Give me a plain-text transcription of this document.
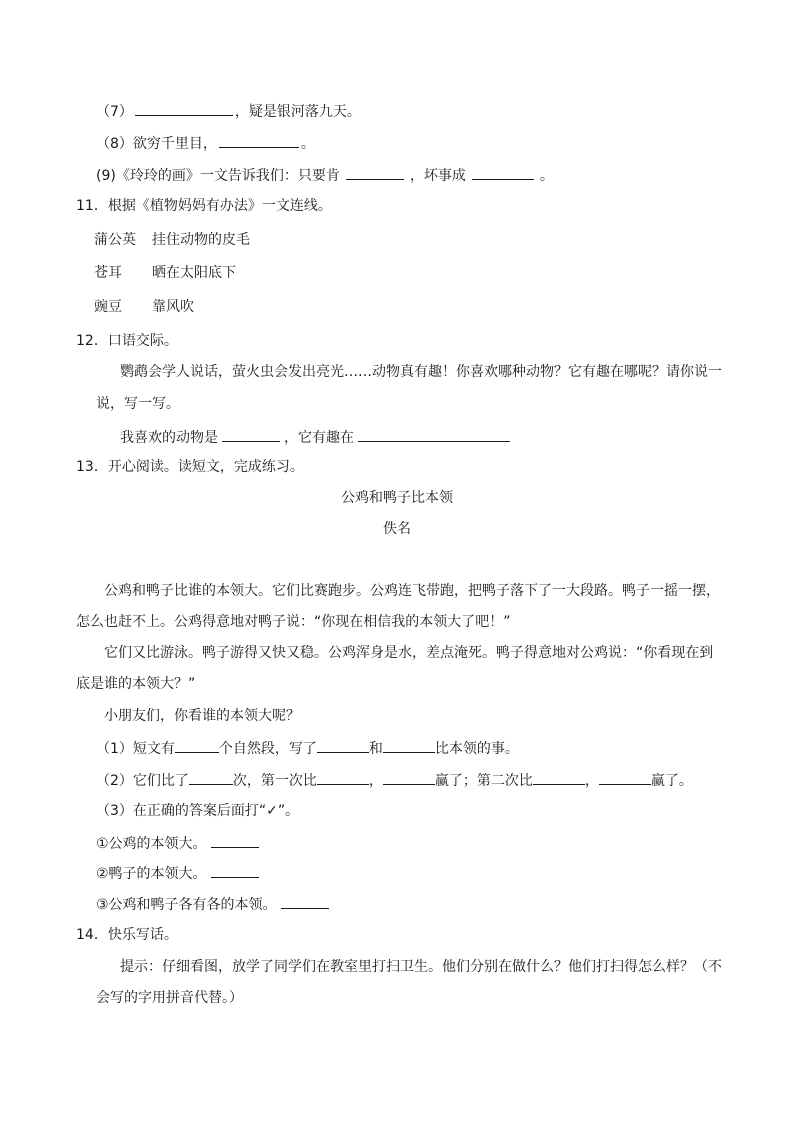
（7）	，疑是银河落九天。
（8）欲穷千里目，	。
(9)《玲玲的画》一文告诉我们：只要肯	，坏事成	。
11．根据《植物妈妈有办法》一文连线。
蒲公英 挂住动物的皮毛
苍耳 晒在太阳底下
豌豆 靠风吹
12．口语交际。
鹦鹉会学人说话，萤火虫会发出亮光……动物真有趣！你喜欢哪种动物？它有趣在哪呢？请你说一
说，写一写。
我喜欢的动物是	，它有趣在
13．开心阅读。读短文，完成练习。
公鸡和鸭子比本领
佚名
公鸡和鸭子比谁的本领大。它们比赛跑步。公鸡连飞带跑，把鸭子落下了一大段路。鸭子一摇一摆，
怎么也赶不上。公鸡得意地对鸭子说：“你现在相信我的本领大了吧！”
它们又比游泳。鸭子游得又快又稳。公鸡浑身是水，差点淹死。鸭子得意地对公鸡说：“你看现在到
底是谁的本领大？”
小朋友们，你看谁的本领大呢？
（1）短文有	个自然段，写了	和	比本领的事。
（2）它们比了	次，第一次比	，	赢了；第二次比	，	赢了。
（3）在正确的答案后面打“✓”。
①公鸡的本领大。
②鸭子的本领大。
③公鸡和鸭子各有各的本领。
14．快乐写话。
提示：仔细看图，放学了同学们在教室里打扫卫生。他们分别在做什么？他们打扫得怎么样？（不
会写的字用拼音代替。）
